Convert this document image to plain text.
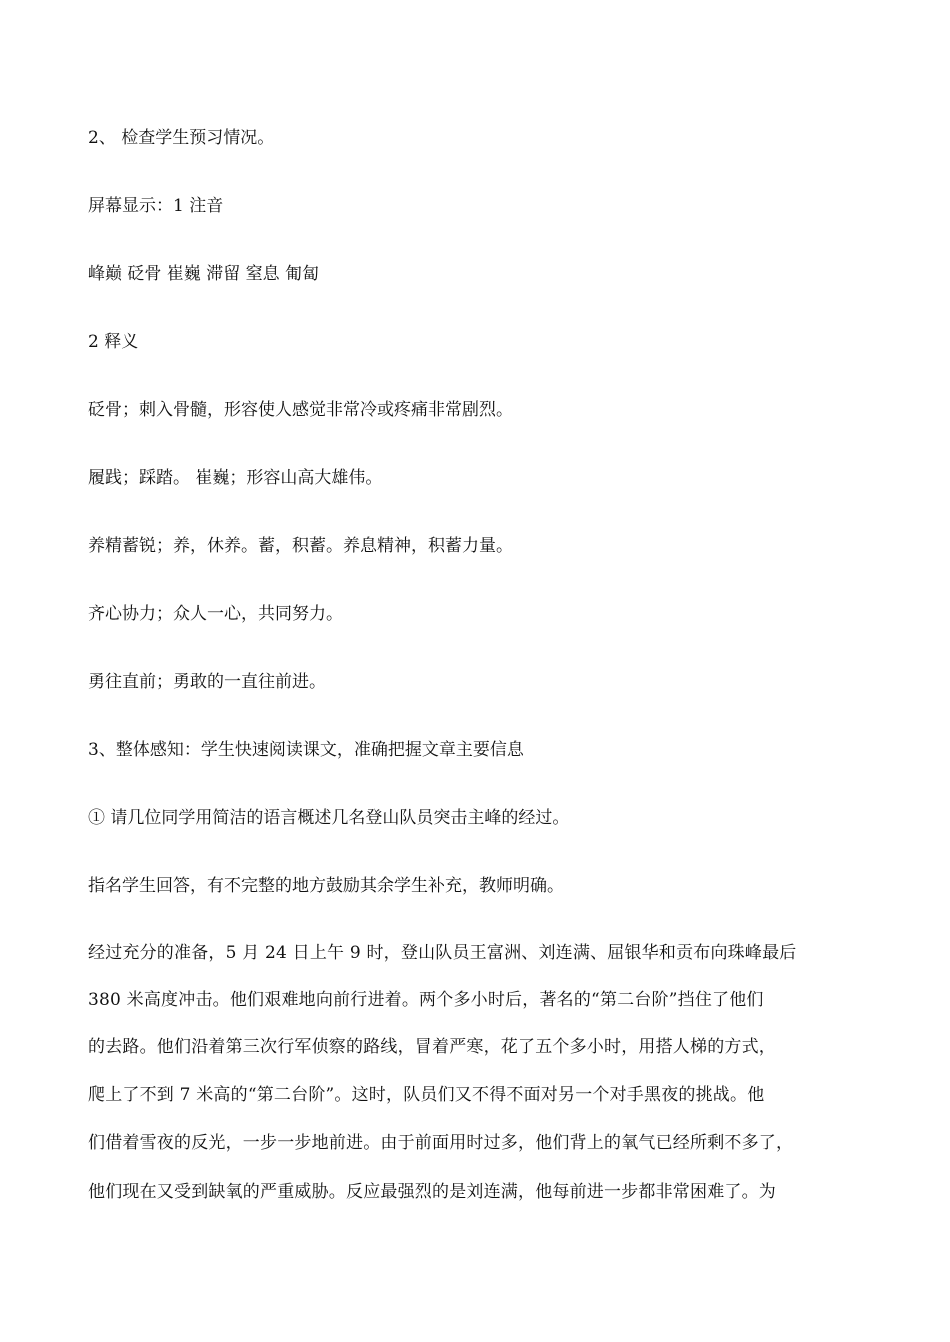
2、 检查学生预习情况。

屏幕显示：1 注音

峰巅 砭骨 崔巍 滞留 窒息 匍匐

2 释义

砭骨；刺入骨髓，形容使人感觉非常冷或疼痛非常剧烈。

履践；踩踏。 崔巍；形容山高大雄伟。

养精蓄锐；养，休养。蓄，积蓄。养息精神，积蓄力量。

齐心协力；众人一心，共同努力。

勇往直前；勇敢的一直往前进。

3、整体感知：学生快速阅读课文，准确把握文章主要信息

① 请几位同学用简洁的语言概述几名登山队员突击主峰的经过。

指名学生回答，有不完整的地方鼓励其余学生补充，教师明确。

经过充分的准备，5 月 24 日上午 9 时，登山队员王富洲、刘连满、屈银华和贡布向珠峰最后

380 米高度冲击。他们艰难地向前行进着。两个多小时后，著名的“第二台阶”挡住了他们

的去路。他们沿着第三次行军侦察的路线，冒着严寒，花了五个多小时，用搭人梯的方式，

爬上了不到 7 米高的“第二台阶”。这时，队员们又不得不面对另一个对手黑夜的挑战。他

们借着雪夜的反光，一步一步地前进。由于前面用时过多，他们背上的氧气已经所剩不多了，

他们现在又受到缺氧的严重威胁。反应最强烈的是刘连满，他每前进一步都非常困难了。为
